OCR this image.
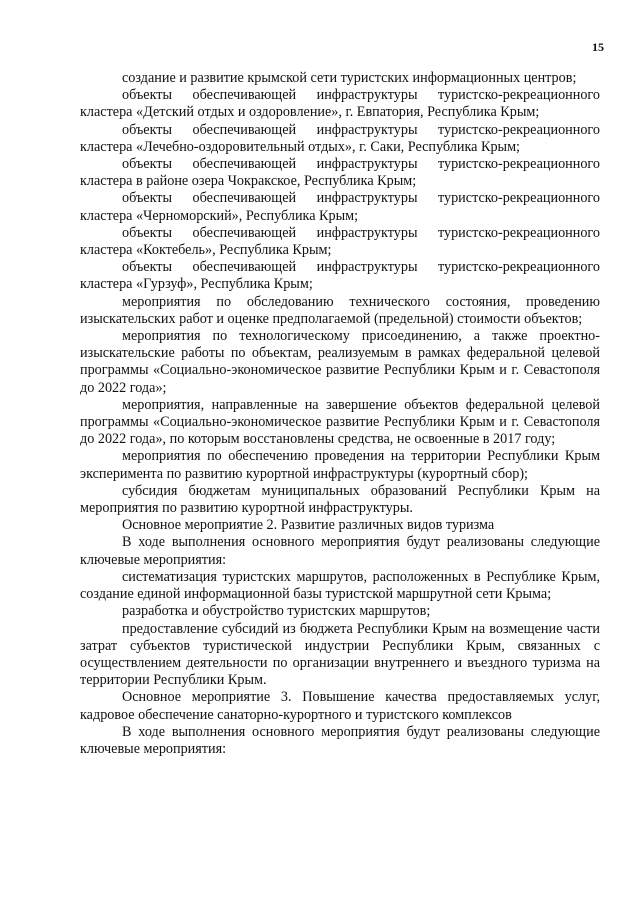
15

создание и развитие крымской сети туристских информационных центров;

объекты обеспечивающей инфраструктуры туристско-рекреационного кластера «Детский отдых и оздоровление», г. Евпатория, Республика Крым;

объекты обеспечивающей инфраструктуры туристско-рекреационного кластера «Лечебно-оздоровительный отдых», г. Саки, Республика Крым;

объекты обеспечивающей инфраструктуры туристско-рекреационного кластера в районе озера Чокракское, Республика Крым;

объекты обеспечивающей инфраструктуры туристско-рекреационного кластера «Черноморский», Республика Крым;

объекты обеспечивающей инфраструктуры туристско-рекреационного кластера «Коктебель», Республика Крым;

объекты обеспечивающей инфраструктуры туристско-рекреационного кластера «Гурзуф», Республика Крым;

мероприятия по обследованию технического состояния, проведению изыскательских работ и оценке предполагаемой (предельной) стоимости объектов;

мероприятия по технологическому присоединению, а также проектно-изыскательские работы по объектам, реализуемым в рамках федеральной целевой программы «Социально-экономическое развитие Республики Крым и г. Севастополя до 2022 года»;

мероприятия, направленные на завершение объектов федеральной целевой программы «Социально-экономическое развитие Республики Крым и г. Севастополя до 2022 года», по которым восстановлены средства, не освоенные в 2017 году;

мероприятия по обеспечению проведения на территории Республики Крым эксперимента по развитию курортной инфраструктуры (курортный сбор);

субсидия бюджетам муниципальных образований Республики Крым на мероприятия по развитию курортной инфраструктуры.

Основное мероприятие 2. Развитие различных видов туризма

В ходе выполнения основного мероприятия будут реализованы следующие ключевые мероприятия:

систематизация туристских маршрутов, расположенных в Республике Крым, создание единой информационной базы туристской маршрутной сети Крыма;

разработка и обустройство туристских маршрутов;

предоставление субсидий из бюджета Республики Крым на возмещение части затрат субъектов туристической индустрии Республики Крым, связанных с осуществлением деятельности по организации внутреннего и въездного туризма на территории Республики Крым.

Основное мероприятие 3. Повышение качества предоставляемых услуг, кадровое обеспечение санаторно-курортного и туристского комплексов

В ходе выполнения основного мероприятия будут реализованы следующие ключевые мероприятия:
